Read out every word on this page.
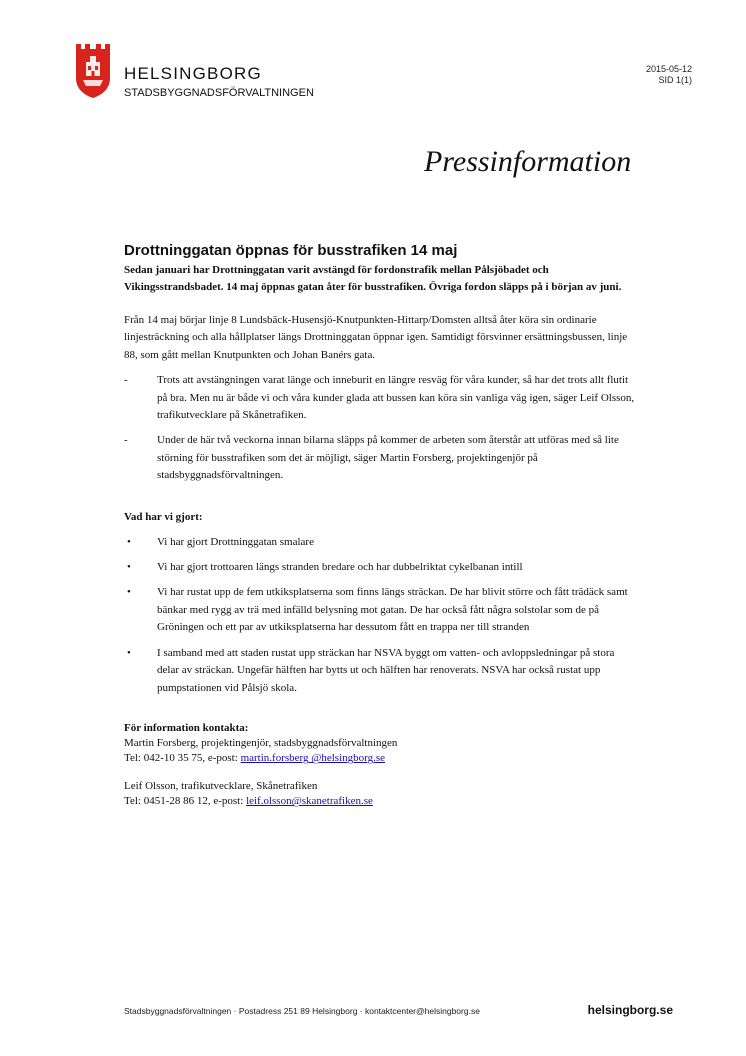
HELSINGBORG
STADSBYGGNADSFÖRVALTNINGEN
2015-05-12
SID 1(1)
Pressinformation
Drottninggatan öppnas för busstrafiken 14 maj

Sedan januari har Drottninggatan varit avstängd för fordonstrafik mellan Pålsjöbadet och Vikingsstrandsbadet. 14 maj öppnas gatan åter för busstrafiken. Övriga fordon släpps på i början av juni.

Från 14 maj börjar linje 8 Lundsbäck-Husensjö-Knutpunkten-Hittarp/Domsten alltså åter köra sin ordinarie linjesträckning och alla hållplatser längs Drottninggatan öppnar igen. Samtidigt försvinner ersättningsbussen, linje 88, som gått mellan Knutpunkten och Johan Banérs gata.

-	Trots att avstängningen varat länge och inneburit en längre resväg för våra kunder, så har det trots allt flutit på bra. Men nu är både vi och våra kunder glada att bussen kan köra sin vanliga väg igen, säger Leif Olsson, trafikutvecklare på Skånetrafiken.
-	Under de här två veckorna innan bilarna släpps på kommer de arbeten som återstår att utföras med så lite störning för busstrafiken som det är möjligt, säger Martin Forsberg, projektingenjör på stadsbyggnadsförvaltningen.
Vad har vi gjort:
• Vi har gjort Drottninggatan smalare
• Vi har gjort trottoaren längs stranden bredare och har dubbelriktat cykelbanan intill
• Vi har rustat upp de fem utkiksplatserna som finns längs sträckan. De har blivit större och fått trädäck samt bänkar med rygg av trä med infälld belysning mot gatan. De har också fått några solstolar som de på Gröningen och ett par av utkiksplatserna har dessutom fått en trappa ner till stranden
• I samband med att staden rustat upp sträckan har NSVA byggt om vatten- och avloppsledningar på stora delar av sträckan. Ungefär hälften har bytts ut och hälften har renoverats. NSVA har också rustat upp pumpstationen vid Pålsjö skola.
För information kontakta:
Martin Forsberg, projektingenjör, stadsbyggnadsförvaltningen
Tel: 042-10 35 75, e-post: martin.forsberg @helsingborg.se
Leif Olsson, trafikutvecklare, Skånetrafiken
Tel: 0451-28 86 12, e-post: leif.olsson@skanetrafiken.se
Stadsbyggnadsförvaltningen · Postadress 251 89 Helsingborg · kontaktcenter@helsingborg.se	helsingborg.se
